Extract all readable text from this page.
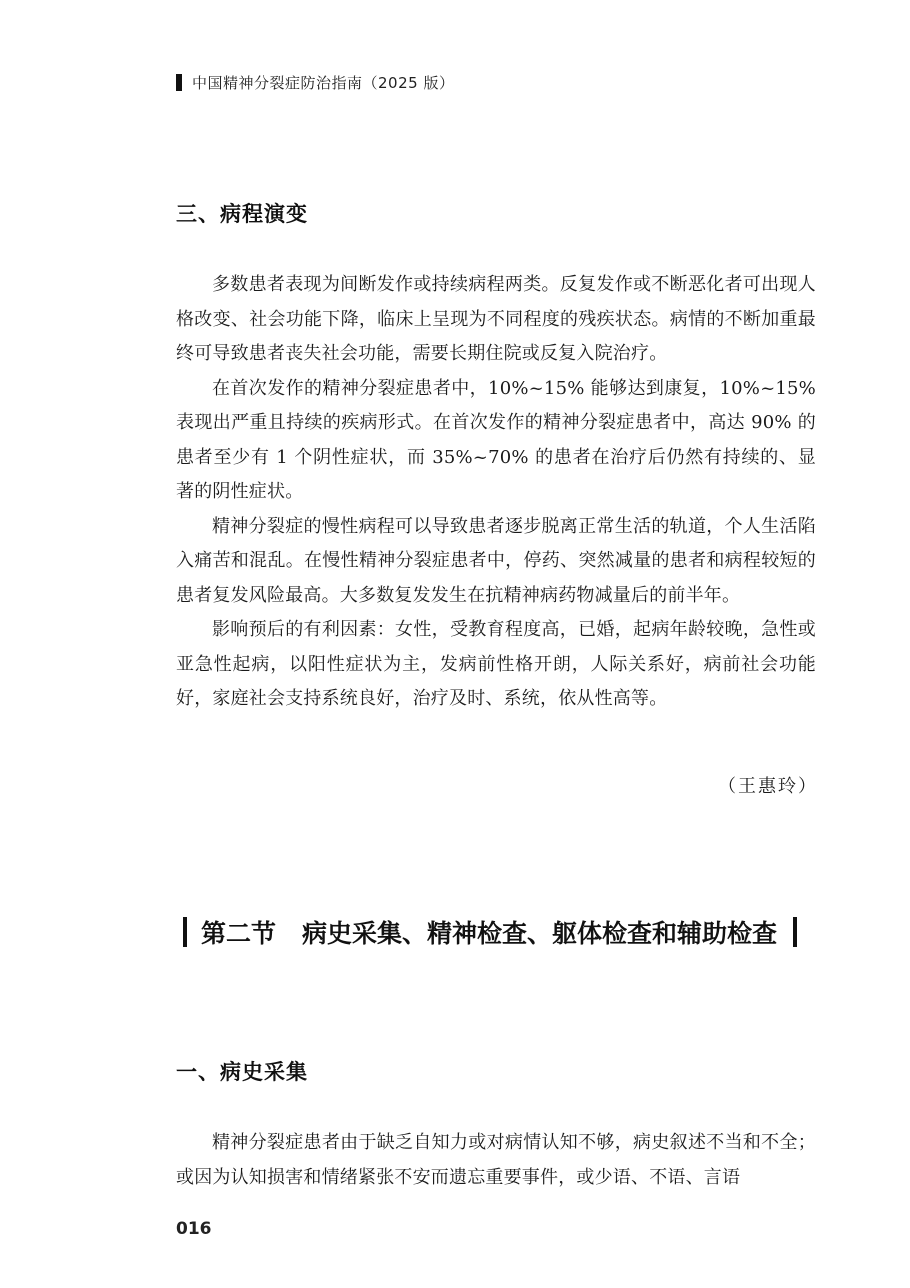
中国精神分裂症防治指南（2025 版）
三、病程演变

多数患者表现为间断发作或持续病程两类。反复发作或不断恶化者可出现人格改变、社会功能下降，临床上呈现为不同程度的残疾状态。病情的不断加重最终可导致患者丧失社会功能，需要长期住院或反复入院治疗。

在首次发作的精神分裂症患者中，10%~15% 能够达到康复，10%~15% 表现出严重且持续的疾病形式。在首次发作的精神分裂症患者中，高达 90% 的患者至少有 1 个阴性症状，而 35%~70% 的患者在治疗后仍然有持续的、显著的阴性症状。

精神分裂症的慢性病程可以导致患者逐步脱离正常生活的轨道，个人生活陷入痛苦和混乱。在慢性精神分裂症患者中，停药、突然减量的患者和病程较短的患者复发风险最高。大多数复发发生在抗精神病药物减量后的前半年。

影响预后的有利因素：女性，受教育程度高，已婚，起病年龄较晚，急性或亚急性起病，以阳性症状为主，发病前性格开朗，人际关系好，病前社会功能好，家庭社会支持系统良好，治疗及时、系统，依从性高等。

（王惠玲）
第二节 病史采集、精神检查、躯体检查和辅助检查
一、病史采集

精神分裂症患者由于缺乏自知力或对病情认知不够，病史叙述不当和不全；或因为认知损害和情绪紧张不安而遗忘重要事件，或少语、不语、言语

016
